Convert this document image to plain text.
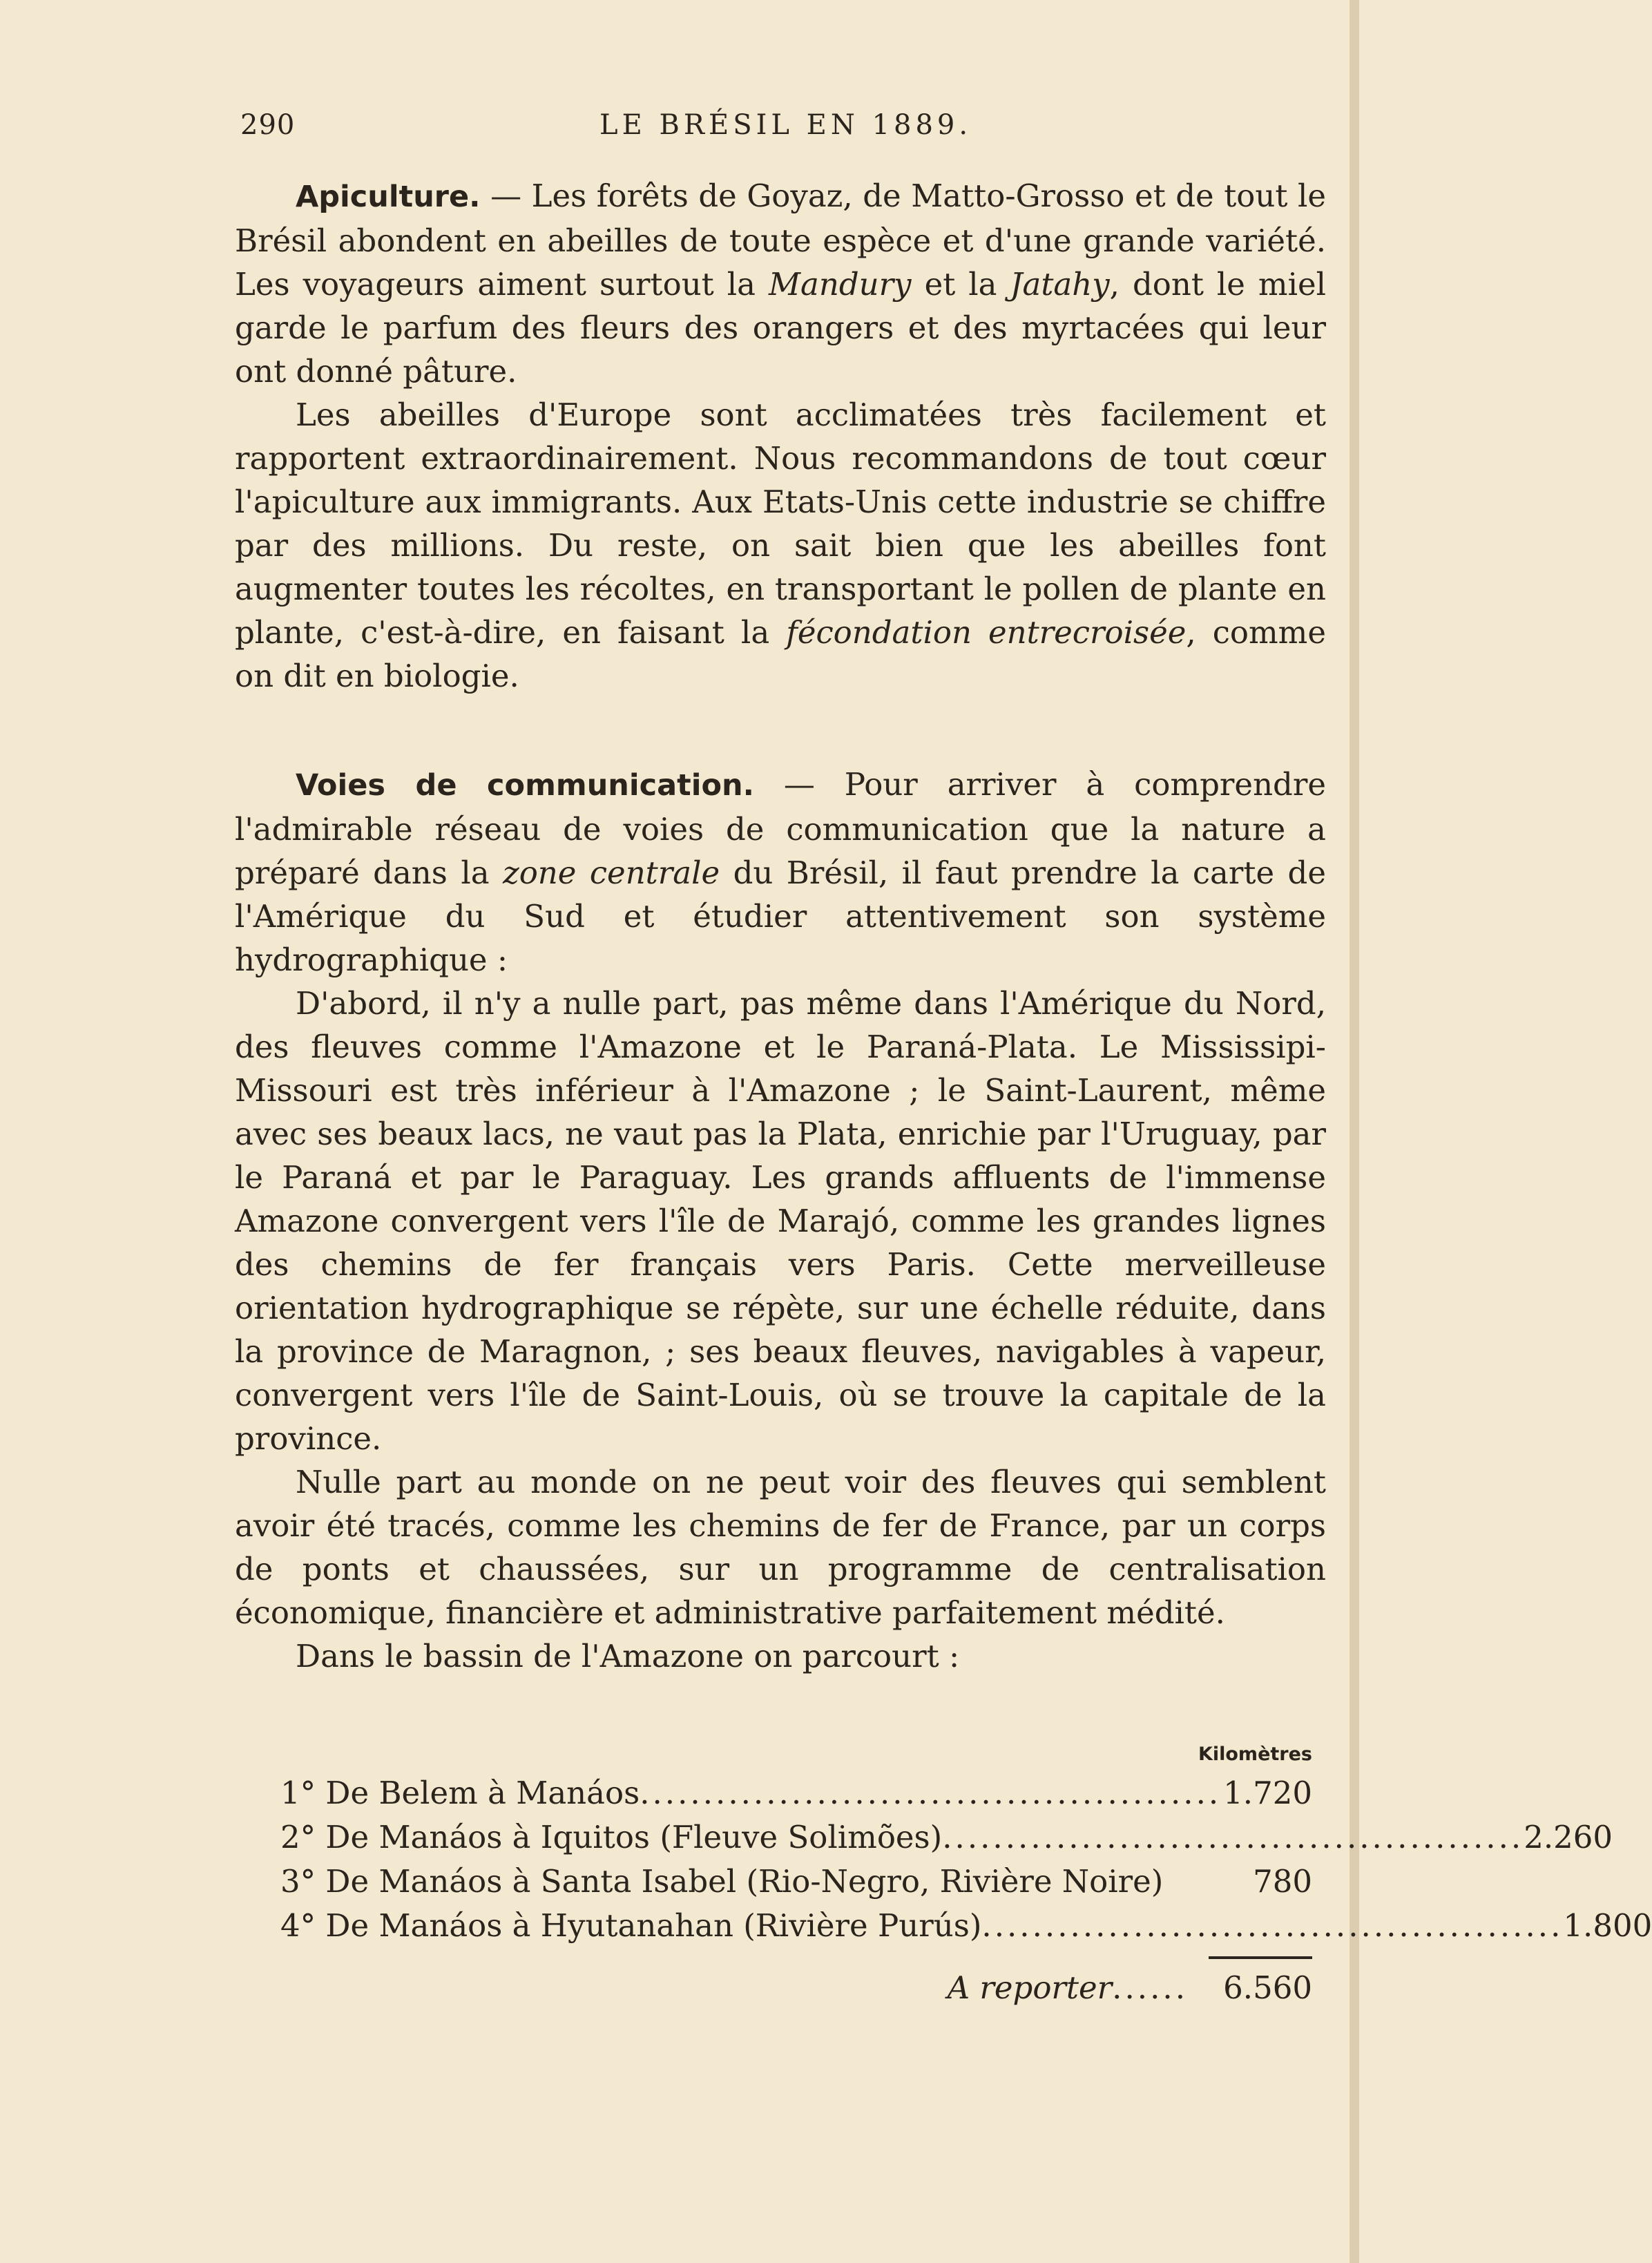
290	LE BRÉSIL EN 1889.

Apiculture. — Les forêts de Goyaz, de Matto-Grosso et de tout le Brésil abondent en abeilles de toute espèce et d'une grande variété. Les voyageurs aiment surtout la Mandury et la Jatahy, dont le miel garde le parfum des fleurs des orangers et des myrtacées qui leur ont donné pâture.

Les abeilles d'Europe sont acclimatées très facilement et rapportent extraordinairement. Nous recommandons de tout cœur l'apiculture aux immigrants. Aux Etats-Unis cette industrie se chiffre par des millions. Du reste, on sait bien que les abeilles font augmenter toutes les récoltes, en transportant le pollen de plante en plante, c'est-à-dire, en faisant la fécondation entrecroisée, comme on dit en biologie.

Voies de communication. — Pour arriver à comprendre l'admirable réseau de voies de communication que la nature a préparé dans la zone centrale du Brésil, il faut prendre la carte de l'Amérique du Sud et étudier attentivement son système hydrographique :

D'abord, il n'y a nulle part, pas même dans l'Amérique du Nord, des fleuves comme l'Amazone et le Paraná-Plata. Le Mississipi-Missouri est très inférieur à l'Amazone ; le Saint-Laurent, même avec ses beaux lacs, ne vaut pas la Plata, enrichie par l'Uruguay, par le Paraná et par le Paraguay. Les grands affluents de l'immense Amazone convergent vers l'île de Marajó, comme les grandes lignes des chemins de fer français vers Paris. Cette merveilleuse orientation hydrographique se répète, sur une échelle réduite, dans la province de Maragnon, ; ses beaux fleuves, navigables à vapeur, convergent vers l'île de Saint-Louis, où se trouve la capitale de la province.

Nulle part au monde on ne peut voir des fleuves qui semblent avoir été tracés, comme les chemins de fer de France, par un corps de ponts et chaussées, sur un programme de centralisation économique, financière et administrative parfaitement médité.

Dans le bassin de l'Amazone on parcourt :

Kilomètres
1° De Belem à Manáos .............................................. 1.720
2° De Manáos à Iquitos (Fleuve Solimões) .............................................. 2.260
3° De Manáos à Santa Isabel (Rio-Negro, Rivière Noire)	780
4° De Manáos à Hyutanahan (Rivière Purús) .............................................. 1.800
A reporter ......	6.560
